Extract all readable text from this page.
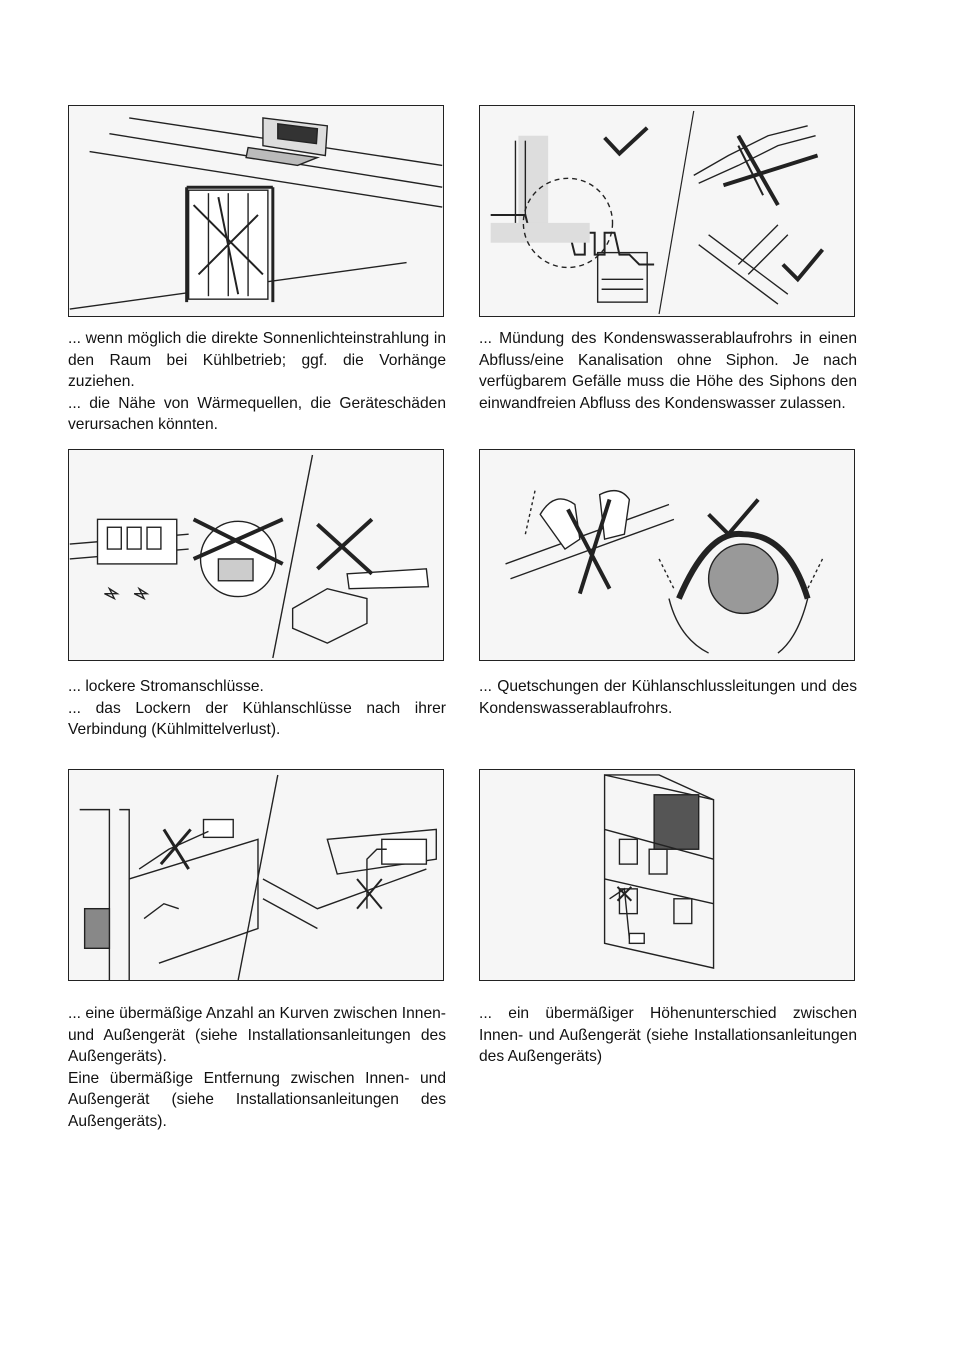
... wenn möglich die direkte Sonnenlichteinstrahlung in den Raum bei Kühlbetrieb; ggf. die Vorhänge zuziehen.

... die Nähe von Wärmequellen, die Geräteschäden verursachen könnten.

... Mündung des Kondenswasserablaufrohrs in einen Abfluss/eine Kanalisation ohne Siphon. Je nach verfügbarem Gefälle muss die Höhe des Siphons den einwandfreien Abfluss des Kondenswasser zulassen.

... lockere Stromanschlüsse.

... das Lockern der Kühlanschlüsse nach ihrer Verbindung (Kühlmittelverlust).

... Quetschungen der Kühlanschlussleitungen und des Kondenswasserablaufrohrs.

... eine übermäßige Anzahl an Kurven zwischen Innen- und Außengerät (siehe Installationsanleitungen des Außengeräts).

Eine übermäßige Entfernung zwischen Innen- und Außengerät (siehe Installationsanleitungen des Außengeräts).

... ein übermäßiger Höhenunterschied zwischen Innen- und Außengerät (siehe Installationsanleitungen des Außengeräts)
